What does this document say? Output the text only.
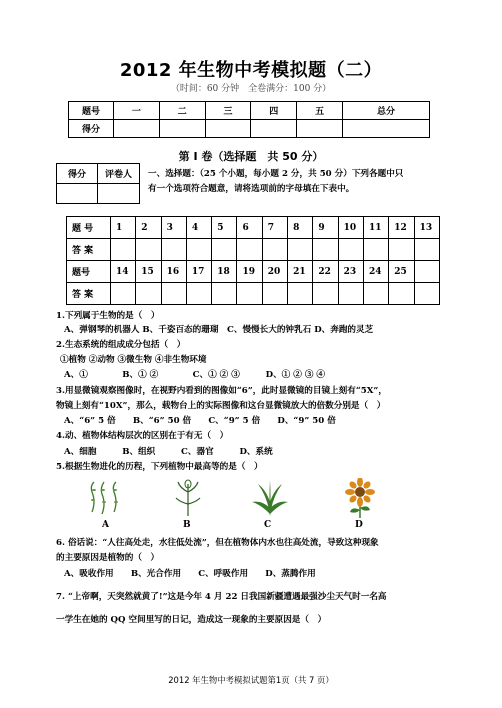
2012 年生物中考模拟题（二）
（时间：60 分钟　全卷满分：100 分）
题号	一	二	三	四	五	总分
得分						
第 I 卷（选择题　共 50 分）
得分	评卷人
	一、选择题：（25 个小题，每小题 2 分，共 50 分）下列各题中只
有一个选项符合题意，请将选项前的字母填在下表中。
题 号	1	2	3	4	5	6	7	8	9	10	11	12	13
答 案													
题号	14	15	16	17	18	19	20	21	22	23	24	25	
答 案													
1.下列属于生物的是（　）
A、弹钢琴的机器人 B、千姿百态的珊瑚　C、慢慢长大的钟乳石 D、奔跑的灵芝
2.生态系统的组成成分包括（　）
①植物 ②动物 ③微生物 ④非生物环境
A、①　　　　B、① ②　　　　C、① ② ③　　　D、① ② ③ ④
3.用显微镜观察图像时，在视野内看到的图像如“6”，此时显微镜的目镜上刻有“5X”，
物镜上刻有“10X”，那么，载物台上的实际图像和这台显微镜放大的倍数分别是（　）
A、“6” 5 倍　　B、“6” 50 倍　　C、“9” 5 倍　　D、“9” 50 倍
4.动、植物体结构层次的区别在于有无（　）
A、细胞　　　B、组织　　　C、器官　　　D、系统
5.根据生物进化的历程，下列植物中最高等的是（　）
A	B	C	D
6. 俗话说：“人往高处走，水往低处流”，但在植物体内水也往高处流，导致这种现象
的主要原因是植物的（　）
A、吸收作用　　B、光合作用　　C、呼吸作用　　D、蒸腾作用
7. “上帝啊，天突然就黄了!”这是今年 4 月 22 日我国新疆遭遇最强沙尘天气时一名高
一学生在她的 QQ 空间里写的日记，造成这一现象的主要原因是（　）
2012 年生物中考模拟试题第1页（共 7 页）
